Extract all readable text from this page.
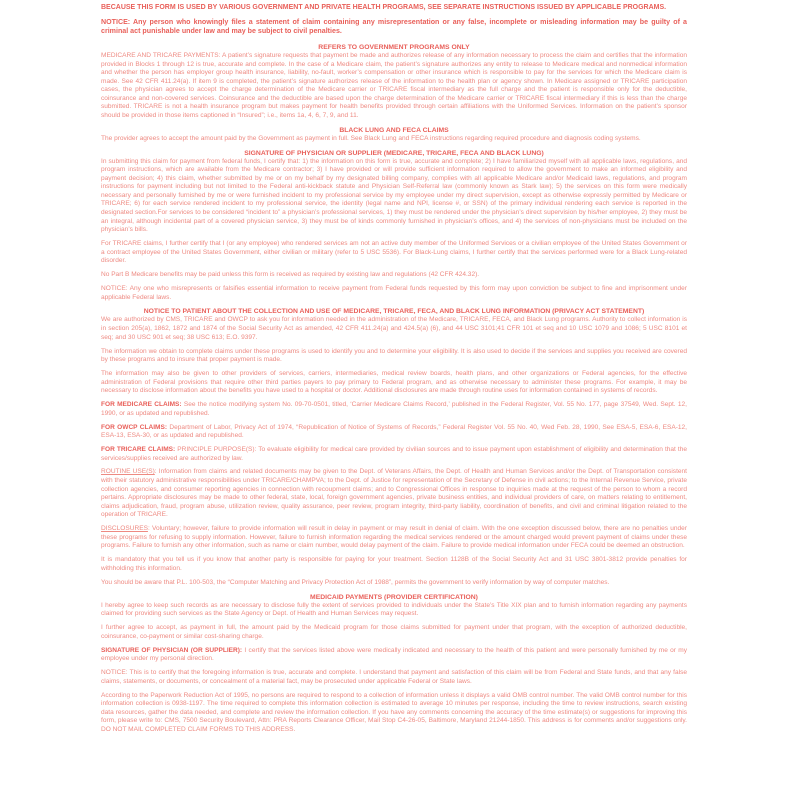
BECAUSE THIS FORM IS USED BY VARIOUS GOVERNMENT AND PRIVATE HEALTH PROGRAMS, SEE SEPARATE INSTRUCTIONS ISSUED BY APPLICABLE PROGRAMS.
NOTICE: Any person who knowingly files a statement of claim containing any misrepresentation or any false, incomplete or misleading information may be guilty of a criminal act punishable under law and may be subject to civil penalties.
REFERS TO GOVERNMENT PROGRAMS ONLY

MEDICARE AND TRICARE PAYMENTS: A patient’s signature requests that payment be made and authorizes release of any information necessary to process the claim and certifies that the information provided in Blocks 1 through 12 is true, accurate and complete. In the case of a Medicare claim, the patient’s signature authorizes any entity to release to Medicare medical and nonmedical information and whether the person has employer group health insurance, liability, no-fault, worker’s compensation or other insurance which is responsible to pay for the services for which the Medicare claim is made. See 42 CFR 411.24(a). If item 9 is completed, the patient’s signature authorizes release of the information to the health plan or agency shown. In Medicare assigned or TRICARE participation cases, the physician agrees to accept the charge determination of the Medicare carrier or TRICARE fiscal intermediary as the full charge and the patient is responsible only for the deductible, coinsurance and non-covered services. Coinsurance and the deductible are based upon the charge determination of the Medicare carrier or TRICARE fiscal intermediary if this is less than the charge submitted. TRICARE is not a health insurance program but makes payment for health benefits provided through certain affiliations with the Uniformed Services. Information on the patient’s sponsor should be provided in those items captioned in “Insured”; i.e., items 1a, 4, 6, 7, 9, and 11.

BLACK LUNG AND FECA CLAIMS

The provider agrees to accept the amount paid by the Government as payment in full. See Black Lung and FECA instructions regarding required procedure and diagnosis coding systems.

SIGNATURE OF PHYSICIAN OR SUPPLIER (MEDICARE, TRICARE, FECA AND BLACK LUNG)

In submitting this claim for payment from federal funds, I certify that: 1) the information on this form is true, accurate and complete; 2) I have familiarized myself with all applicable laws, regulations, and program instructions, which are available from the Medicare contractor; 3) I have provided or will provide sufficient information required to allow the government to make an informed eligibility and payment decision; 4) this claim, whether submitted by me or on my behalf by my designated billing company, complies with all applicable Medicare and/or Medicaid laws, regulations, and program instructions for payment including but not limited to the Federal anti-kickback statute and Physician Self-Referral law (commonly known as Stark law); 5) the services on this form were medically necessary and personally furnished by me or were furnished incident to my professional service by my employee under my direct supervision, except as otherwise expressly permitted by Medicare or TRICARE; 6) for each service rendered incident to my professional service, the identity (legal name and NPI, license #, or SSN) of the primary individual rendering each service is reported in the designated section.For services to be considered “incident to” a physician’s professional services, 1) they must be rendered under the physician’s direct supervision by his/her employee, 2) they must be an integral, although incidental part of a covered physician service, 3) they must be of kinds commonly furnished in physician’s offices, and 4) the services of non-physicians must be included on the physician’s bills.

For TRICARE claims, I further certify that I (or any employee) who rendered services am not an active duty member of the Uniformed Services or a civilian employee of the United States Government or a contract employee of the United States Government, either civilian or military (refer to 5 USC 5536). For Black-Lung claims, I further certify that the services performed were for a Black Lung-related disorder.

No Part B Medicare benefits may be paid unless this form is received as required by existing law and regulations (42 CFR 424.32).

NOTICE: Any one who misrepresents or falsifies essential information to receive payment from Federal funds requested by this form may upon conviction be subject to fine and imprisonment under applicable Federal laws.

NOTICE TO PATIENT ABOUT THE COLLECTION AND USE OF MEDICARE, TRICARE, FECA, AND BLACK LUNG INFORMATION (PRIVACY ACT STATEMENT)

We are authorized by CMS, TRICARE and OWCP to ask you for information needed in the administration of the Medicare, TRICARE, FECA, and Black Lung programs. Authority to collect information is in section 205(a), 1862, 1872 and 1874 of the Social Security Act as amended, 42 CFR 411.24(a) and 424.5(a) (6), and 44 USC 3101;41 CFR 101 et seq and 10 USC 1079 and 1086; 5 USC 8101 et seq; and 30 USC 901 et seq; 38 USC 613; E.O. 9397.

The information we obtain to complete claims under these programs is used to identify you and to determine your eligibility. It is also used to decide if the services and supplies you received are covered by these programs and to insure that proper payment is made.

The information may also be given to other providers of services, carriers, intermediaries, medical review boards, health plans, and other organizations or Federal agencies, for the effective administration of Federal provisions that require other third parties payers to pay primary to Federal program, and as otherwise necessary to administer these programs. For example, it may be necessary to disclose information about the benefits you have used to a hospital or doctor. Additional disclosures are made through routine uses for information contained in systems of records.

FOR MEDICARE CLAIMS: See the notice modifying system No. 09-70-0501, titled, ‘Carrier Medicare Claims Record,’ published in the Federal Register, Vol. 55 No. 177, page 37549, Wed. Sept. 12, 1990, or as updated and republished.

FOR OWCP CLAIMS: Department of Labor, Privacy Act of 1974, “Republication of Notice of Systems of Records,” Federal Register Vol. 55 No. 40, Wed Feb. 28, 1990, See ESA-5, ESA-6, ESA-12, ESA-13, ESA-30, or as updated and republished.

FOR TRICARE CLAIMS: PRINCIPLE PURPOSE(S): To evaluate eligibility for medical care provided by civilian sources and to issue payment upon establishment of eligibility and determination that the services/supplies received are authorized by law.

ROUTINE USE(S): Information from claims and related documents may be given to the Dept. of Veterans Affairs, the Dept. of Health and Human Services and/or the Dept. of Transportation consistent with their statutory administrative responsibilities under TRICARE/CHAMPVA; to the Dept. of Justice for representation of the Secretary of Defense in civil actions; to the Internal Revenue Service, private collection agencies, and consumer reporting agencies in connection with recoupment claims; and to Congressional Offices in response to inquiries made at the request of the person to whom a record pertains. Appropriate disclosures may be made to other federal, state, local, foreign government agencies, private business entities, and individual providers of care, on matters relating to entitlement, claims adjudication, fraud, program abuse, utilization review, quality assurance, peer review, program integrity, third-party liability, coordination of benefits, and civil and criminal litigation related to the operation of TRICARE.

DISCLOSURES: Voluntary; however, failure to provide information will result in delay in payment or may result in denial of claim. With the one exception discussed below, there are no penalties under these programs for refusing to supply information. However, failure to furnish information regarding the medical services rendered or the amount charged would prevent payment of claims under these programs. Failure to furnish any other information, such as name or claim number, would delay payment of the claim. Failure to provide medical information under FECA could be deemed an obstruction.

It is mandatory that you tell us if you know that another party is responsible for paying for your treatment. Section 1128B of the Social Security Act and 31 USC 3801-3812 provide penalties for withholding this information.

You should be aware that P.L. 100-503, the “Computer Matching and Privacy Protection Act of 1988”, permits the government to verify information by way of computer matches.

MEDICAID PAYMENTS (PROVIDER CERTIFICATION)

I hereby agree to keep such records as are necessary to disclose fully the extent of services provided to individuals under the State’s Title XIX plan and to furnish information regarding any payments claimed for providing such services as the State Agency or Dept. of Health and Human Services may request.

I further agree to accept, as payment in full, the amount paid by the Medicaid program for those claims submitted for payment under that program, with the exception of authorized deductible, coinsurance, co-payment or similar cost-sharing charge.

SIGNATURE OF PHYSICIAN (OR SUPPLIER): I certify that the services listed above were medically indicated and necessary to the health of this patient and were personally furnished by me or my employee under my personal direction.

NOTICE: This is to certify that the foregoing information is true, accurate and complete. I understand that payment and satisfaction of this claim will be from Federal and State funds, and that any false claims, statements, or documents, or concealment of a material fact, may be prosecuted under applicable Federal or State laws.

According to the Paperwork Reduction Act of 1995, no persons are required to respond to a collection of information unless it displays a valid OMB control number. The valid OMB control number for this information collection is 0938-1197. The time required to complete this information collection is estimated to average 10 minutes per response, including the time to review instructions, search existing data resources, gather the data needed, and complete and review the information collection. If you have any comments concerning the accuracy of the time estimate(s) or suggestions for improving this form, please write to: CMS, 7500 Security Boulevard, Attn: PRA Reports Clearance Officer, Mail Stop C4-26-05, Baltimore, Maryland 21244-1850. This address is for comments and/or suggestions only. DO NOT MAIL COMPLETED CLAIM FORMS TO THIS ADDRESS.
